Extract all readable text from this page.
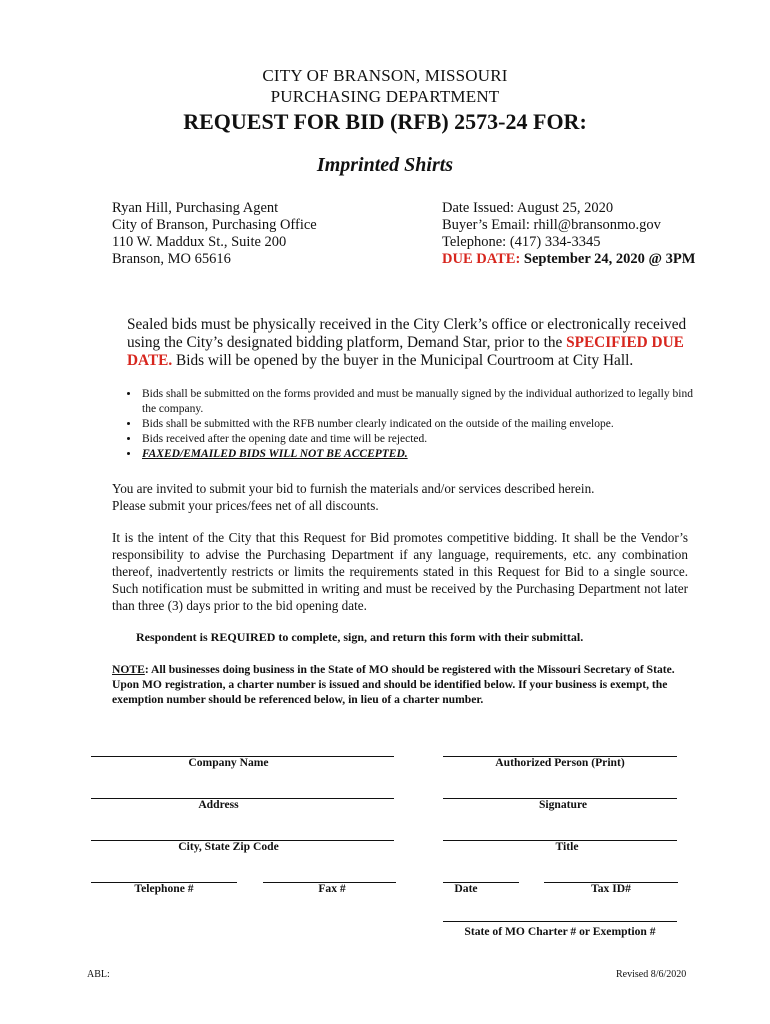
CITY OF BRANSON, MISSOURI
PURCHASING DEPARTMENT
REQUEST FOR BID (RFB) 2573-24 FOR:
Imprinted Shirts
Ryan Hill, Purchasing Agent
City of Branson, Purchasing Office
110 W. Maddux St., Suite 200
Branson, MO 65616
Date Issued: August 25, 2020
Buyer’s Email: rhill@bransonmo.gov
Telephone: (417) 334-3345
DUE DATE: September 24, 2020 @ 3PM
Sealed bids must be physically received in the City Clerk’s office or electronically received using the City’s designated bidding platform, Demand Star, prior to the SPECIFIED DUE DATE. Bids will be opened by the buyer in the Municipal Courtroom at City Hall.
• Bids shall be submitted on the forms provided and must be manually signed by the individual authorized to legally bind the company.
• Bids shall be submitted with the RFB number clearly indicated on the outside of the mailing envelope.
• Bids received after the opening date and time will be rejected.
• FAXED/EMAILED BIDS WILL NOT BE ACCEPTED.
You are invited to submit your bid to furnish the materials and/or services described herein.
Please submit your prices/fees net of all discounts.
It is the intent of the City that this Request for Bid promotes competitive bidding. It shall be the Vendor’s responsibility to advise the Purchasing Department if any language, requirements, etc. any combination thereof, inadvertently restricts or limits the requirements stated in this Request for Bid to a single source. Such notification must be submitted in writing and must be received by the Purchasing Department not later than three (3) days prior to the bid opening date.
Respondent is REQUIRED to complete, sign, and return this form with their submittal.
NOTE: All businesses doing business in the State of MO should be registered with the Missouri Secretary of State. Upon MO registration, a charter number is issued and should be identified below. If your business is exempt, the exemption number should be referenced below, in lieu of a charter number.
Company Name	Authorized Person (Print)
Address	Signature
City, State Zip Code	Title
Telephone #	Fax #	Date	Tax ID#
State of MO Charter # or Exemption #
ABL:	Revised 8/6/2020
